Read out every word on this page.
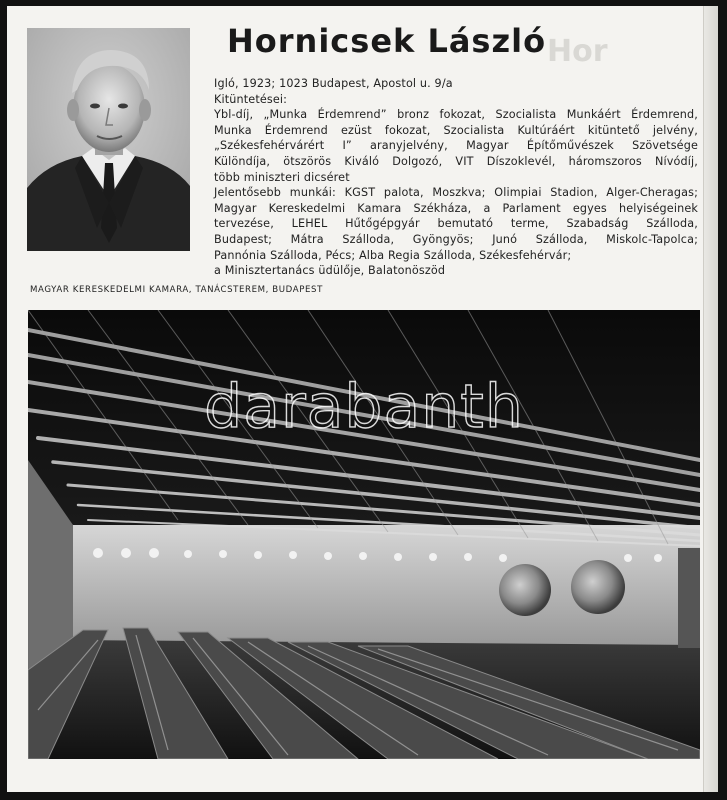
Hor
Hornicsek László
Igló, 1923; 1023 Budapest, Apostol u. 9/a
Kitüntetései:
Ybl-díj, „Munka Érdemrend” bronz fokozat, Szocialista Munkáért Érdemrend,
Munka Érdemrend ezüst fokozat, Szocialista Kultúráért kitüntető jelvény,
„Székesfehérvárért I” aranyjelvény, Magyar Építőművészek Szövetsége
Különdíja, ötszörös Kiváló Dolgozó, VIT Díszoklevél, háromszoros Nívódíj,
több miniszteri dicséret
Jelentősebb munkái: KGST palota, Moszkva; Olimpiai Stadion, Alger-Cheragas;
Magyar Kereskedelmi Kamara Székháza, a Parlament egyes helyiségeinek
tervezése, LEHEL Hűtőgépgyár bemutató terme, Szabadság Szálloda,
Budapest; Mátra Szálloda, Gyöngyös; Junó Szálloda, Miskolc-Tapolca;
Pannónia Szálloda, Pécs; Alba Regia Szálloda, Székesfehérvár;
a Minisztertanács üdülője, Balatonöszöd
MAGYAR KERESKEDELMI KAMARA, TANÁCSTEREM, BUDAPEST
darabanth
